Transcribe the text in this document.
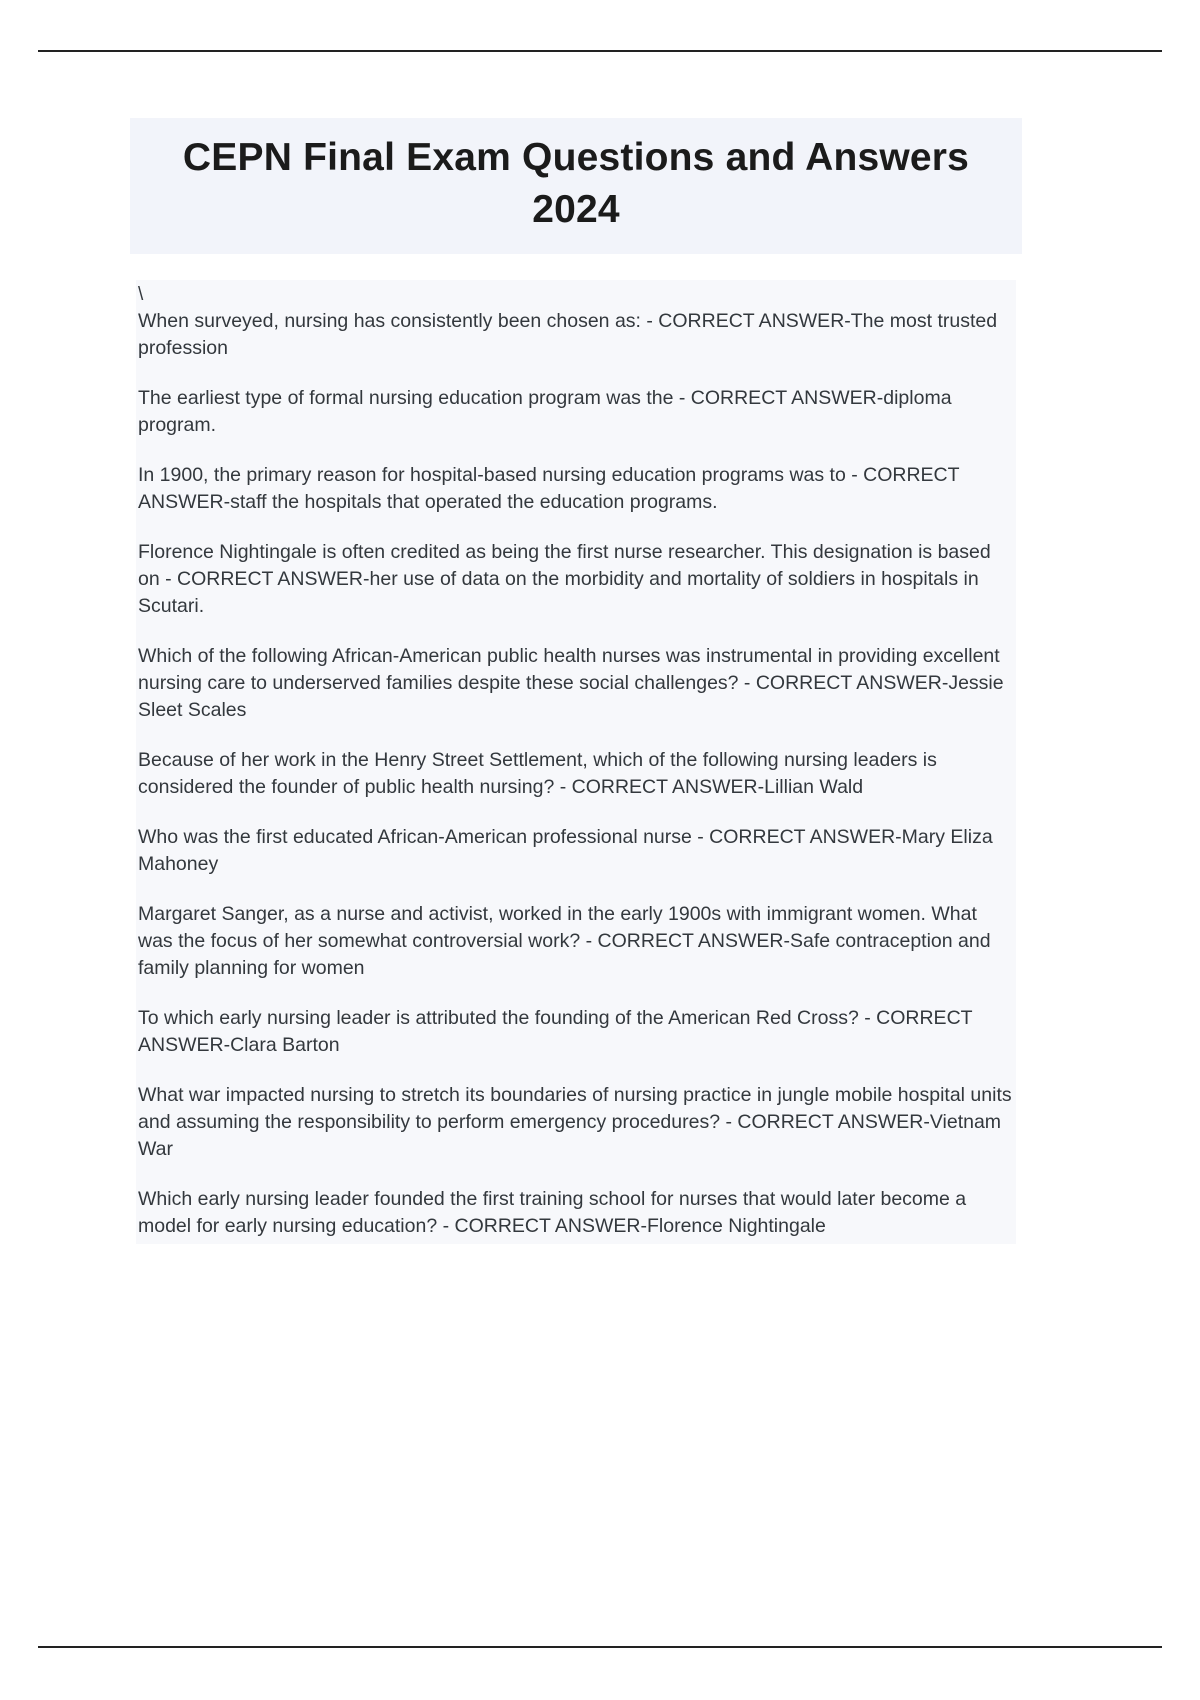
CEPN Final Exam Questions and Answers 2024
\

When surveyed, nursing has consistently been chosen as: - CORRECT ANSWER-The most trusted profession

The earliest type of formal nursing education program was the - CORRECT ANSWER-diploma program.

In 1900, the primary reason for hospital-based nursing education programs was to - CORRECT ANSWER-staff the hospitals that operated the education programs.

Florence Nightingale is often credited as being the first nurse researcher. This designation is based on - CORRECT ANSWER-her use of data on the morbidity and mortality of soldiers in hospitals in Scutari.

Which of the following African-American public health nurses was instrumental in providing excellent nursing care to underserved families despite these social challenges? - CORRECT ANSWER-Jessie Sleet Scales

Because of her work in the Henry Street Settlement, which of the following nursing leaders is considered the founder of public health nursing? - CORRECT ANSWER-Lillian Wald

Who was the first educated African-American professional nurse - CORRECT ANSWER-Mary Eliza Mahoney

Margaret Sanger, as a nurse and activist, worked in the early 1900s with immigrant women. What was the focus of her somewhat controversial work? - CORRECT ANSWER-Safe contraception and family planning for women

To which early nursing leader is attributed the founding of the American Red Cross? - CORRECT ANSWER-Clara Barton

What war impacted nursing to stretch its boundaries of nursing practice in jungle mobile hospital units and assuming the responsibility to perform emergency procedures? - CORRECT ANSWER-Vietnam War

Which early nursing leader founded the first training school for nurses that would later become a model for early nursing education? - CORRECT ANSWER-Florence Nightingale
